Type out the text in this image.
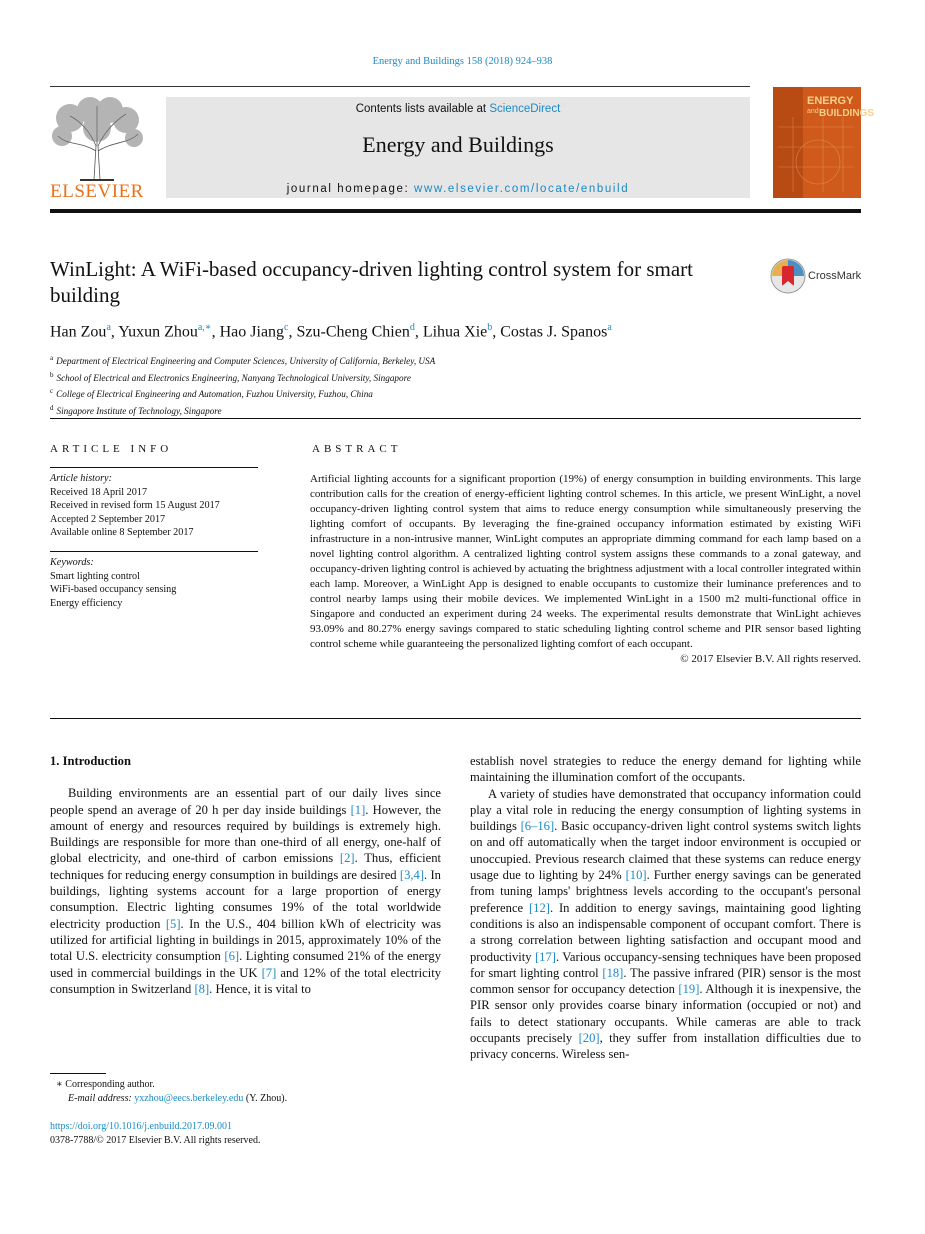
Energy and Buildings 158 (2018) 924–938
ELSEVIER
Contents lists available at ScienceDirect
Energy and Buildings
journal homepage: www.elsevier.com/locate/enbuild
ENERGY
and BUILDINGS
WinLight: A WiFi-based occupancy-driven lighting control system for smart building
CrossMark
Han Zou$^a$, Yuxun Zhou$^{a,∗}$, Hao Jiang$^c$, Szu-Cheng Chien$^d$, Lihua Xie$^b$, Costas J. Spanos$^a$
$^a$ Department of Electrical Engineering and Computer Sciences, University of California, Berkeley, USA
$^b$ School of Electrical and Electronics Engineering, Nanyang Technological University, Singapore
$^c$ College of Electrical Engineering and Automation, Fuzhou University, Fuzhou, China
$^d$ Singapore Institute of Technology, Singapore
ARTICLE INFO
Article history:
Received 18 April 2017
Received in revised form 15 August 2017
Accepted 2 September 2017
Available online 8 September 2017
Keywords:
Smart lighting control
WiFi-based occupancy sensing
Energy efficiency
ABSTRACT

Artificial lighting accounts for a significant proportion (19%) of energy consumption in building environments. This large contribution calls for the creation of energy-efficient lighting control schemes. In this article, we present WinLight, a novel occupancy-driven lighting control system that aims to reduce energy consumption while simultaneously preserving the lighting comfort of occupants. By leveraging the fine-grained occupancy information estimated by existing WiFi infrastructure in a non-intrusive manner, WinLight computes an appropriate dimming command for each lamp based on a novel lighting control algorithm. A centralized lighting control system assigns these commands to a zonal gateway, and occupancy-driven lighting control is achieved by actuating the brightness adjustment with a local controller integrated within each lamp. Moreover, a WinLight App is designed to enable occupants to customize their luminance preferences and to control nearby lamps using their mobile devices. We implemented WinLight in a 1500 m2 multi-functional office in Singapore and conducted an experiment during 24 weeks. The experimental results demonstrate that WinLight achieves 93.09% and 80.27% energy savings compared to static scheduling lighting control scheme and PIR sensor based lighting control scheme while guaranteeing the personalized lighting comfort of each occupant.

© 2017 Elsevier B.V. All rights reserved.

1. Introduction

Building environments are an essential part of our daily lives since people spend an average of 20 h per day inside buildings [1]. However, the amount of energy and resources required by buildings is extremely high. Buildings are responsible for more than one-third of all energy, one-half of global electricity, and one-third of carbon emissions [2]. Thus, efficient techniques for reducing energy consumption in buildings are desired [3,4]. In buildings, lighting systems account for a large proportion of energy consumption. Electric lighting consumes 19% of the total worldwide electricity production [5]. In the U.S., 404 billion kWh of electricity was utilized for artificial lighting in buildings in 2015, approximately 10% of the total U.S. electricity consumption [6]. Lighting consumed 21% of the energy used in commercial buildings in the UK [7] and 12% of the total electricity consumption in Switzerland [8]. Hence, it is vital to

establish novel strategies to reduce the energy demand for lighting while maintaining the illumination comfort of the occupants.

A variety of studies have demonstrated that occupancy information could play a vital role in reducing the energy consumption of lighting systems in buildings [6–16]. Basic occupancy-driven light control systems switch lights on and off automatically when the target indoor environment is occupied or unoccupied. Previous research claimed that these systems can reduce energy usage due to lighting by 24% [10]. Further energy savings can be generated from tuning lamps' brightness levels according to the occupant's personal preference [12]. In addition to energy savings, maintaining good lighting conditions is also an indispensable component of occupant comfort. There is a strong correlation between lighting satisfaction and occupant mood and productivity [17]. Various occupancy-sensing techniques have been proposed for smart lighting control [18]. The passive infrared (PIR) sensor is the most common sensor for occupancy detection [19]. Although it is inexpensive, the PIR sensor only provides coarse binary information (occupied or not) and fails to detect stationary occupants. While cameras are able to track occupants precisely [20], they suffer from installation difficulties due to privacy concerns. Wireless sen-

∗ Corresponding author.
E-mail address: yxzhou@eecs.berkeley.edu (Y. Zhou).
https://doi.org/10.1016/j.enbuild.2017.09.001
0378-7788/© 2017 Elsevier B.V. All rights reserved.
